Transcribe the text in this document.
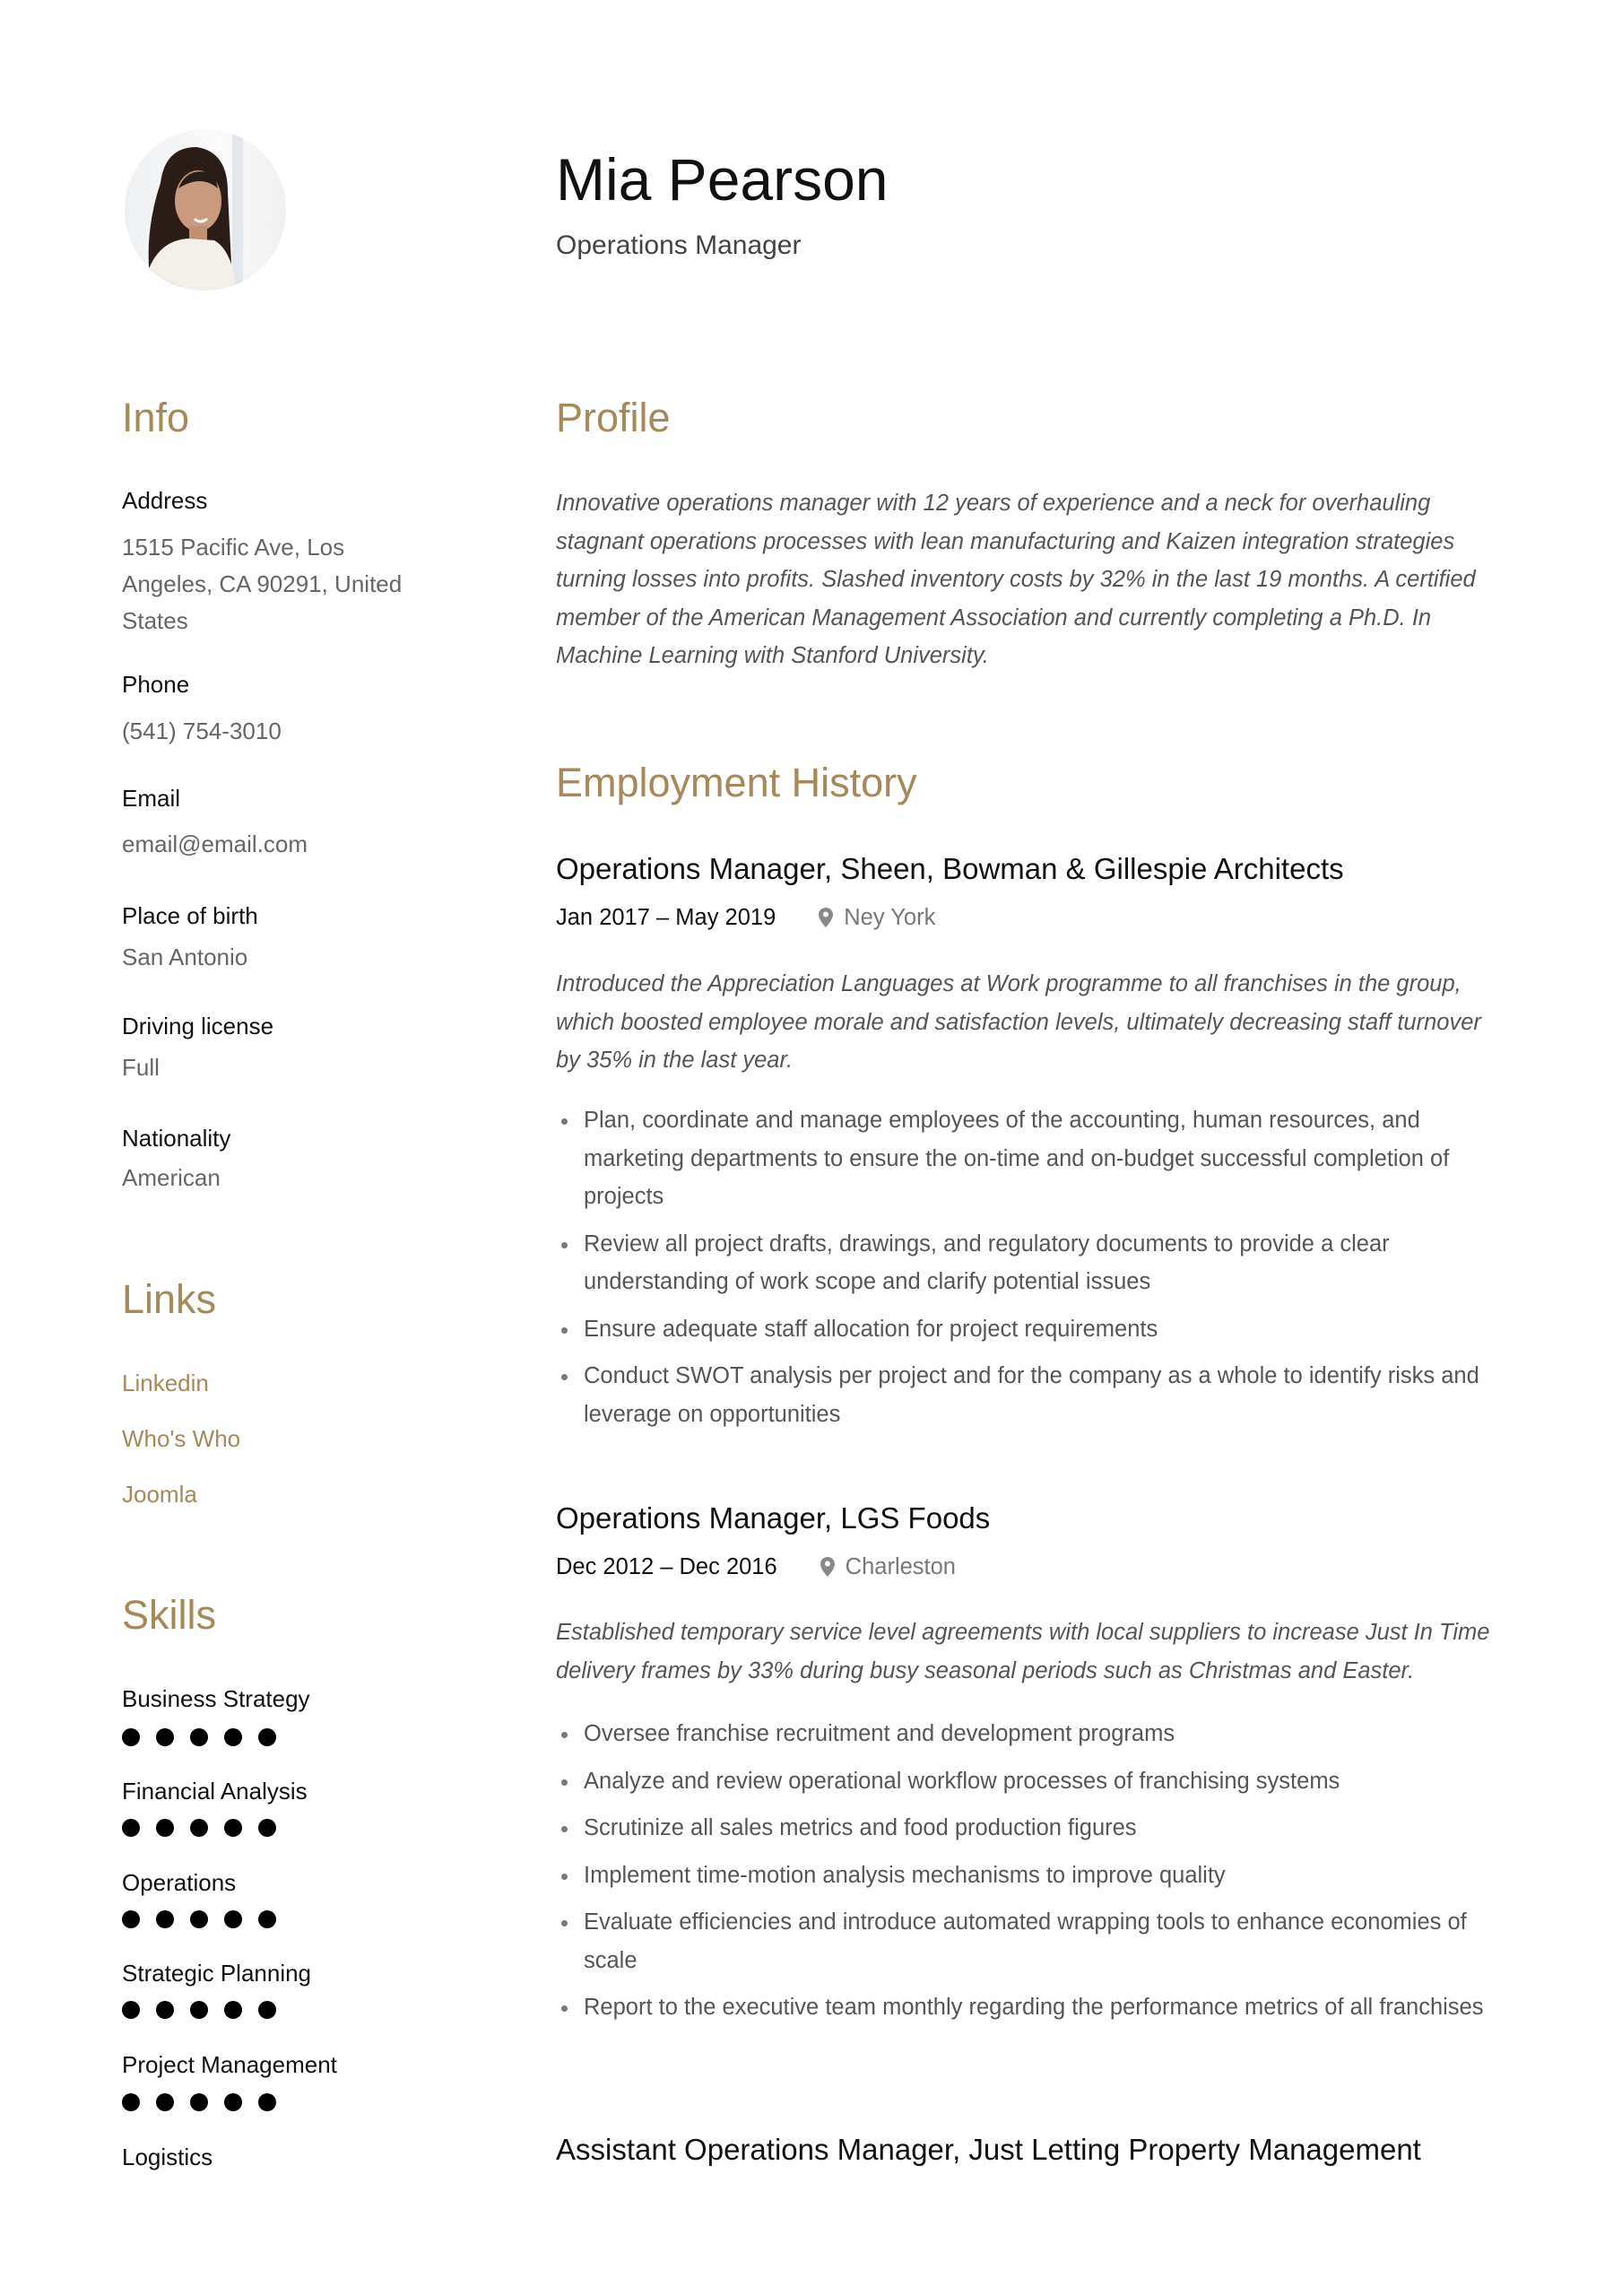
Mia Pearson
Operations Manager
Info
Address
1515 Pacific Ave, Los Angeles, CA 90291, United States
Phone
(541) 754-3010
Email
email@email.com
Place of birth
San Antonio
Driving license
Full
Nationality
American
Links
Linkedin
Who's Who
Joomla
Skills
Business Strategy
Financial Analysis
Operations
Strategic Planning
Project Management
Logistics
Profile
Innovative operations manager with 12 years of experience and a neck for overhauling stagnant operations processes with lean manufacturing and Kaizen integration strategies turning losses into profits. Slashed inventory costs by 32% in the last 19 months. A certified member of the American Management Association and currently completing a Ph.D. In Machine Learning with Stanford University.
Employment History
Operations Manager, Sheen, Bowman & Gillespie Architects
Jan 2017 – May 2019	Ney York
Introduced the Appreciation Languages at Work programme to all franchises in the group, which boosted employee morale and satisfaction levels, ultimately decreasing staff turnover by 35% in the last year.
Plan, coordinate and manage employees of the accounting, human resources, and marketing departments to ensure the on-time and on-budget successful completion of projects
Review all project drafts, drawings, and regulatory documents to provide a clear understanding of work scope and clarify potential issues
Ensure adequate staff allocation for project requirements
Conduct SWOT analysis per project and for the company as a whole to identify risks and leverage on opportunities
Operations Manager, LGS Foods
Dec 2012 – Dec 2016	Charleston
Established temporary service level agreements with local suppliers to increase Just In Time delivery frames by 33% during busy seasonal periods such as Christmas and Easter.
Oversee franchise recruitment and development programs
Analyze and review operational workflow processes of franchising systems
Scrutinize all sales metrics and food production figures
Implement time-motion analysis mechanisms to improve quality
Evaluate efficiencies and introduce automated wrapping tools to enhance economies of scale
Report to the executive team monthly regarding the performance metrics of all franchises
Assistant Operations Manager, Just Letting Property Management
